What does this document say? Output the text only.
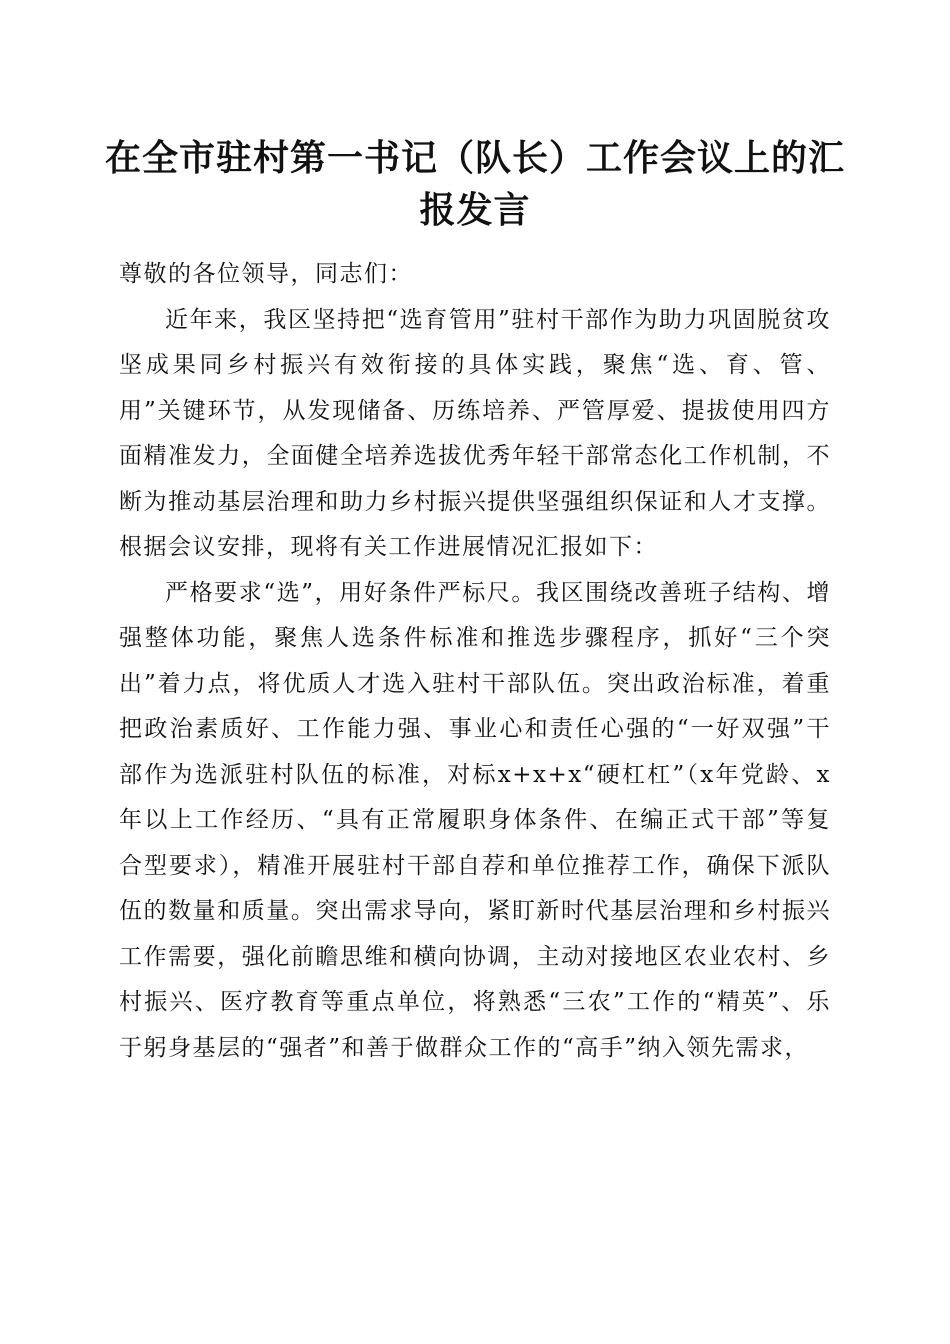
在全市驻村第一书记（队长）工作会议上的汇报发言

尊敬的各位领导，同志们：

近年来，我区坚持把“选育管用”驻村干部作为助力巩固脱贫攻坚成果同乡村振兴有效衔接的具体实践，聚焦“选、育、管、用”关键环节，从发现储备、历练培养、严管厚爱、提拔使用四方面精准发力，全面健全培养选拔优秀年轻干部常态化工作机制，不断为推动基层治理和助力乡村振兴提供坚强组织保证和人才支撑。根据会议安排，现将有关工作进展情况汇报如下：

严格要求“选”，用好条件严标尺。我区围绕改善班子结构、增强整体功能，聚焦人选条件标准和推选步骤程序，抓好“三个突出”着力点，将优质人才选入驻村干部队伍。突出政治标准，着重把政治素质好、工作能力强、事业心和责任心强的“一好双强”干部作为选派驻村队伍的标准，对标x+x+x“硬杠杠”（x年党龄、x年以上工作经历、“具有正常履职身体条件、在编正式干部”等复合型要求），精准开展驻村干部自荐和单位推荐工作，确保下派队伍的数量和质量。突出需求导向，紧盯新时代基层治理和乡村振兴工作需要，强化前瞻思维和横向协调，主动对接地区农业农村、乡村振兴、医疗教育等重点单位，将熟悉“三农”工作的“精英”、乐于躬身基层的“强者”和善于做群众工作的“高手”纳入领先需求，
